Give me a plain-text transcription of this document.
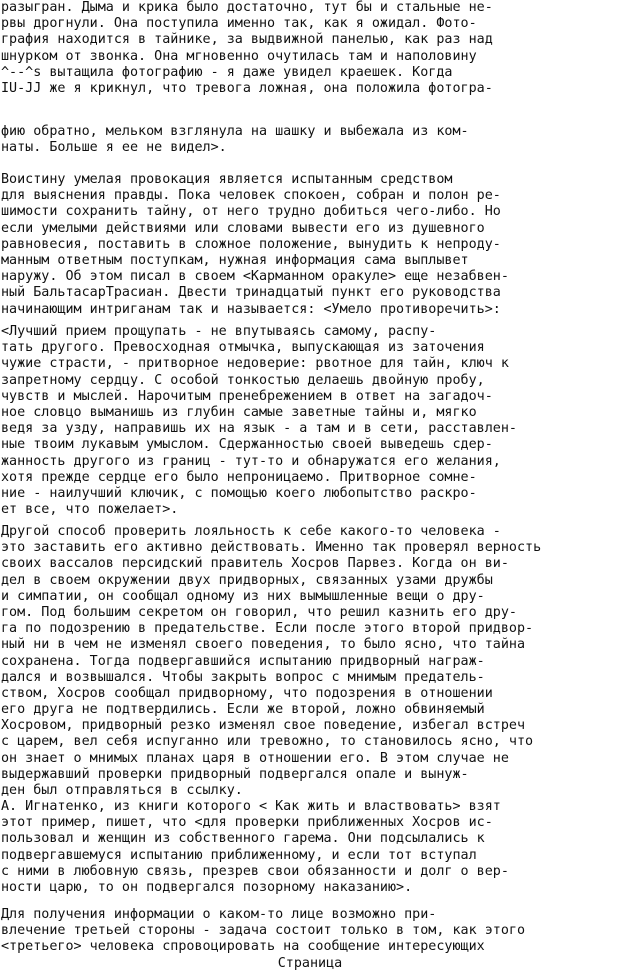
разыгран. Дыма и крика было достаточно, тут бы и стальные не-
рвы дрогнули. Она поступила именно так, как я ожидал. Фото-
графия находится в тайнике, за выдвижной панелью, как раз над
шнурком от звонка. Она мгновенно очутилась там и наполовину
^--^s вытащила фотографию - я даже увидел краешек. Когда
IU-JJ же я крикнул, что тревога ложная, она положила фотогра-
фию обратно, мельком взглянула на шашку и выбежала из ком-
наты. Больше я ее не видел>.
Воистину умелая провокация является испытанным средством
для выяснения правды. Пока человек спокоен, собран и полон ре-
шимости сохранить тайну, от него трудно добиться чего-либо. Но
если умелыми действиями или словами вывести его из душевного
равновесия, поставить в сложное положение, вынудить к непроду-
манным ответным поступкам, нужная информация сама выплывет
наружу. Об этом писал в своем <Карманном оракуле> еще незабвен-
ный БальтасарТрасиан. Двести тринадцатый пункт его руководства
начинающим интриганам так и называется: <Умело противоречить>:
<Лучший прием прощупать - не впутываясь самому, распу-
тать другого. Превосходная отмычка, выпускающая из заточения
чужие страсти, - притворное недоверие: рвотное для тайн, ключ к
запретному сердцу. С особой тонкостью делаешь двойную пробу,
чувств и мыслей. Нарочитым пренебрежением в ответ на загадоч-
ное словцо выманишь из глубин самые заветные тайны и, мягко
ведя за узду, направишь их на язык - а там и в сети, расставлен-
ные твоим лукавым умыслом. Сдержанностью своей выведешь сдер-
жанность другого из границ - тут-то и обнаружатся его желания,
хотя прежде сердце его было непроницаемо. Притворное сомне-
ние - наилучший ключик, с помощью коего любопытство раскро-
ет все, что пожелает>.
Другой способ проверить лояльность к себе какого-то человека -
это заставить его активно действовать. Именно так проверял верность
своих вассалов персидский правитель Хосров Парвез. Когда он ви-
дел в своем окружении двух придворных, связанных узами дружбы
и симпатии, он сообщал одному из них вымышленные вещи о дру-
гом. Под большим секретом он говорил, что решил казнить его дру-
га по подозрению в предательстве. Если после этого второй придвор-
ный ни в чем не изменял своего поведения, то было ясно, что тайна
сохранена. Тогда подвергавшийся испытанию придворный награж-
дался и возвышался. Чтобы закрыть вопрос с мнимым предатель-
ством, Хосров сообщал придворному, что подозрения в отношении
его друга не подтвердились. Если же второй, ложно обвиняемый
Хосровом, придворный резко изменял свое поведение, избегал встреч
с царем, вел себя испуганно или тревожно, то становилось ясно, что
он знает о мнимых планах царя в отношении его. В этом случае не
выдержавший проверки придворный подвергался опале и вынуж-
ден был отправляться в ссылку.
А. Игнатенко, из книги которого < Как жить и властвовать> взят
этот пример, пишет, что <для проверки приближенных Хосров ис-
пользовал и женщин из собственного гарема. Они подсылались к
подвергавшемуся испытанию приближенному, и если тот вступал
с ними в любовную связь, презрев свои обязанности и долг о вер-
ности царю, то он подвергался позорному наказанию>.
Для получения информации о каком-то лице возможно при-
влечение третьей стороны - задача состоит только в том, как этого
<третьего> человека спровоцировать на сообщение интересующих
Страница
